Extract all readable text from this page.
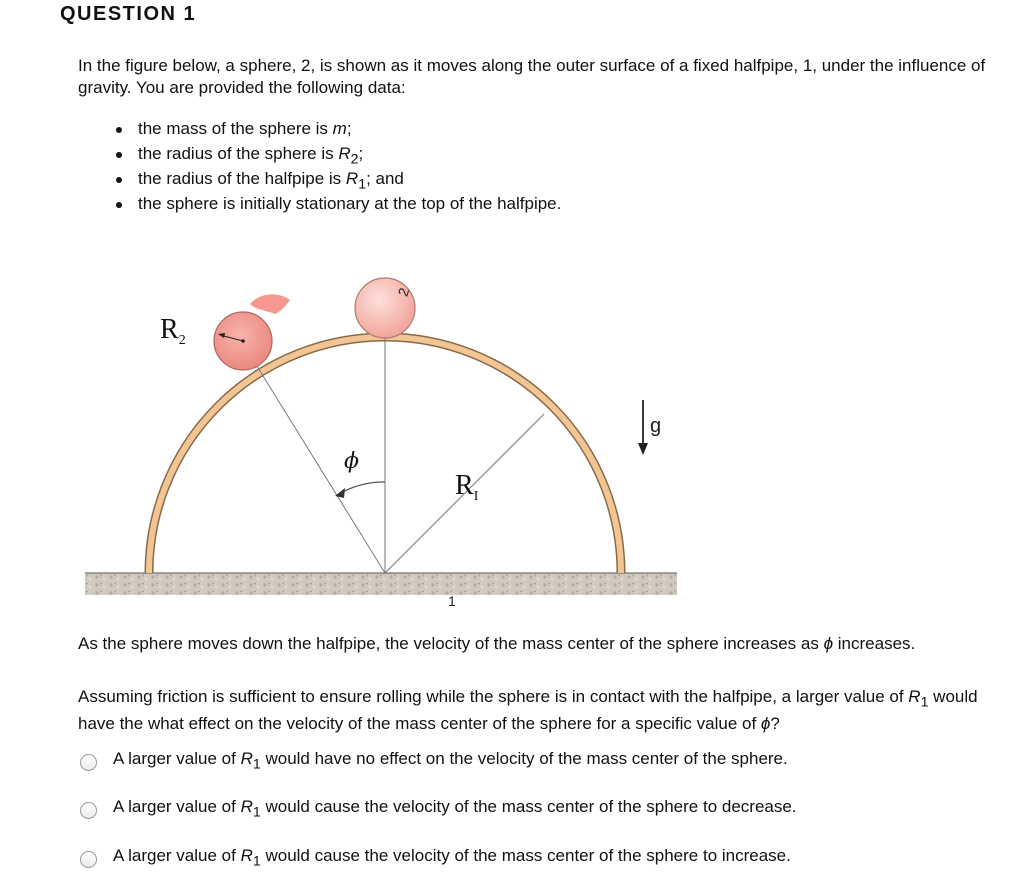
QUESTION 1
In the figure below, a sphere, 2, is shown as it moves along the outer surface of a fixed halfpipe, 1, under the influence of gravity. You are provided the following data:
the mass of the sphere is m;
the radius of the sphere is $R_2$;
the radius of the halfpipe is $R_1$; and
the sphere is initially stationary at the top of the halfpipe.
2
$R_2$
ϕ
$R_I$
1
g
As the sphere moves down the halfpipe, the velocity of the mass center of the sphere increases as ϕ increases.
Assuming friction is sufficient to ensure rolling while the sphere is in contact with the halfpipe, a larger value of $R_1$ would have the what effect on the velocity of the mass center of the sphere for a specific value of ϕ?
A larger value of $R_1$ would have no effect on the velocity of the mass center of the sphere.
A larger value of $R_1$ would cause the velocity of the mass center of the sphere to decrease.
A larger value of $R_1$ would cause the velocity of the mass center of the sphere to increase.
